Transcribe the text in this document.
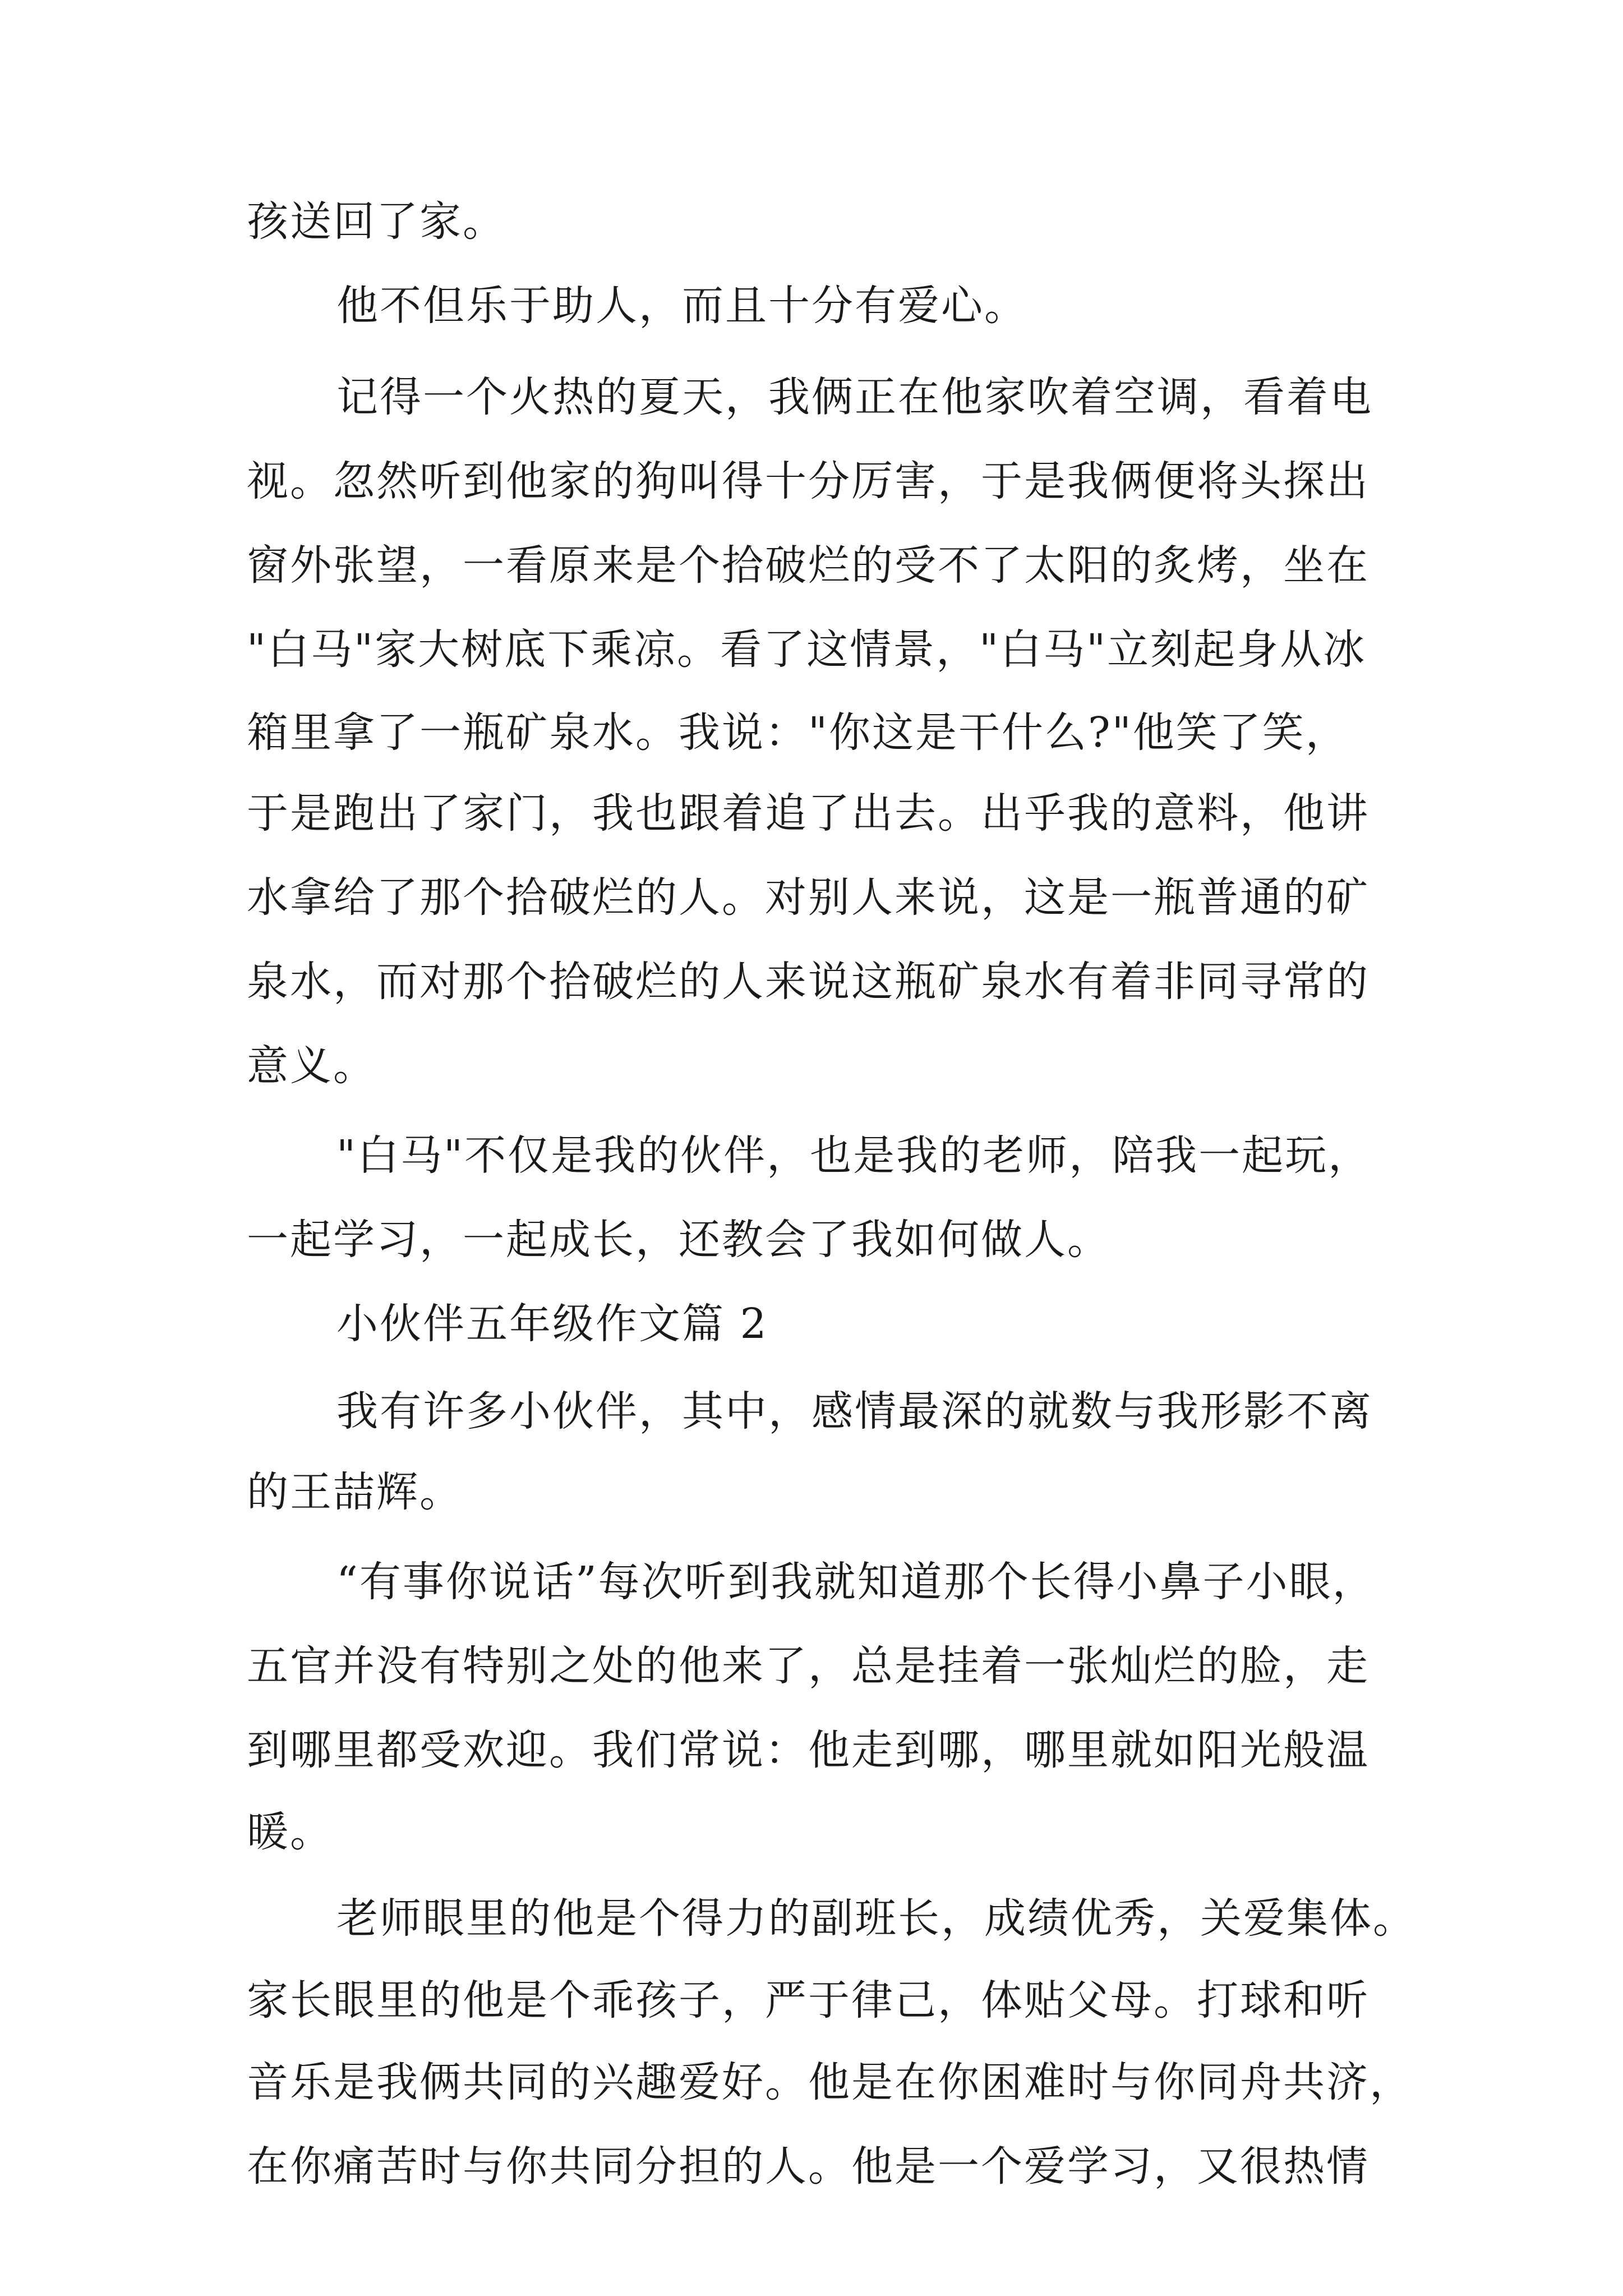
孩送回了家。
他不但乐于助人，而且十分有爱心。
记得一个火热的夏天，我俩正在他家吹着空调，看着电
视。忽然听到他家的狗叫得十分厉害，于是我俩便将头探出
窗外张望，一看原来是个拾破烂的受不了太阳的炙烤，坐在
"白马"家大树底下乘凉。看了这情景，"白马"立刻起身从冰
箱里拿了一瓶矿泉水。我说："你这是干什么?"他笑了笑，
于是跑出了家门，我也跟着追了出去。出乎我的意料，他讲
水拿给了那个拾破烂的人。对别人来说，这是一瓶普通的矿
泉水，而对那个拾破烂的人来说这瓶矿泉水有着非同寻常的
意义。
"白马"不仅是我的伙伴，也是我的老师，陪我一起玩，
一起学习，一起成长，还教会了我如何做人。
小伙伴五年级作文篇 2
我有许多小伙伴，其中，感情最深的就数与我形影不离
的王喆辉。
“有事你说话”每次听到我就知道那个长得小鼻子小眼，
五官并没有特别之处的他来了，总是挂着一张灿烂的脸，走
到哪里都受欢迎。我们常说：他走到哪，哪里就如阳光般温
暖。
老师眼里的他是个得力的副班长，成绩优秀，关爱集体。
家长眼里的他是个乖孩子，严于律己，体贴父母。打球和听
音乐是我俩共同的兴趣爱好。他是在你困难时与你同舟共济，
在你痛苦时与你共同分担的人。他是一个爱学习，又很热情
